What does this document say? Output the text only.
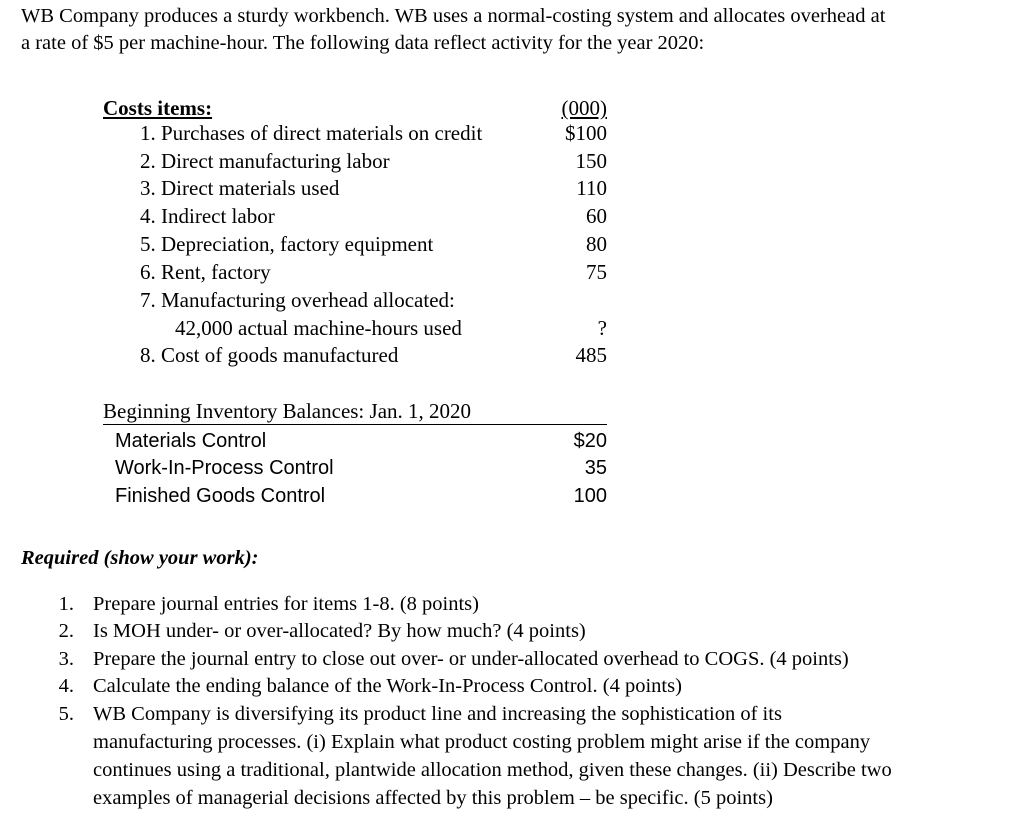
WB Company produces a sturdy workbench. WB uses a normal-costing system and allocates overhead at
a rate of $5 per machine-hour. The following data reflect activity for the year 2020:
Costs items:	(000)
1. Purchases of direct materials on credit	$100
2. Direct manufacturing labor	150
3. Direct materials used	110
4. Indirect labor	60
5. Depreciation, factory equipment	80
6. Rent, factory	75
7. Manufacturing overhead allocated:
42,000 actual machine-hours used	?
8. Cost of goods manufactured	485
Beginning Inventory Balances: Jan. 1, 2020
Materials Control	$20
Work-In-Process Control	35
Finished Goods Control	100
Required (show your work):
1. Prepare journal entries for items 1-8. (8 points)
2. Is MOH under- or over-allocated? By how much? (4 points)
3. Prepare the journal entry to close out over- or under-allocated overhead to COGS. (4 points)
4. Calculate the ending balance of the Work-In-Process Control. (4 points)
5. WB Company is diversifying its product line and increasing the sophistication of its
manufacturing processes. (i) Explain what product costing problem might arise if the company
continues using a traditional, plantwide allocation method, given these changes. (ii) Describe two
examples of managerial decisions affected by this problem – be specific. (5 points)
